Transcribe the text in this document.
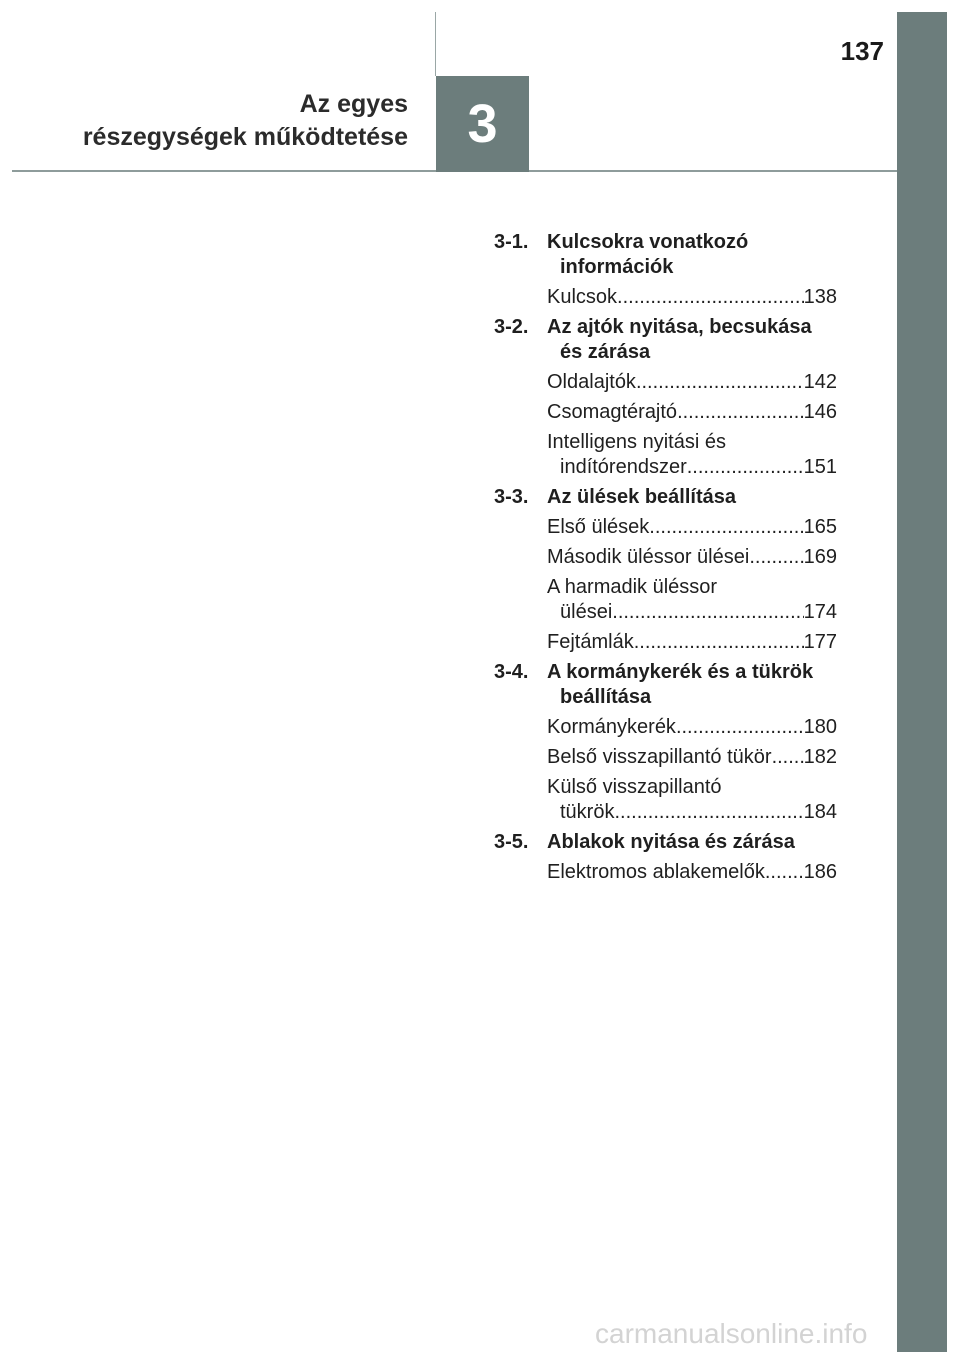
3
137
Az egyes
részegységek működtetése
3-1. Kulcsokra vonatkozó
információk
Kulcsok .....	138
3-2. Az ajtók nyitása, becsukása
és zárása
Oldalajtók .....	142
Csomagtérajtó .....	146
Intelligens nyitási és
indítórendszer .....	151
3-3. Az ülések beállítása
Első ülések .....	165
Második üléssor ülései .....	169
A harmadik üléssor
ülései .....	174
Fejtámlák .....	177
3-4. A kormánykerék és a tükrök
beállítása
Kormánykerék .....	180
Belső visszapillantó tükör ..... 182
Külső visszapillantó
tükrök .....	184
3-5. Ablakok nyitása és zárása
Elektromos ablakemelők ..... 186
carmanualsonline.info
